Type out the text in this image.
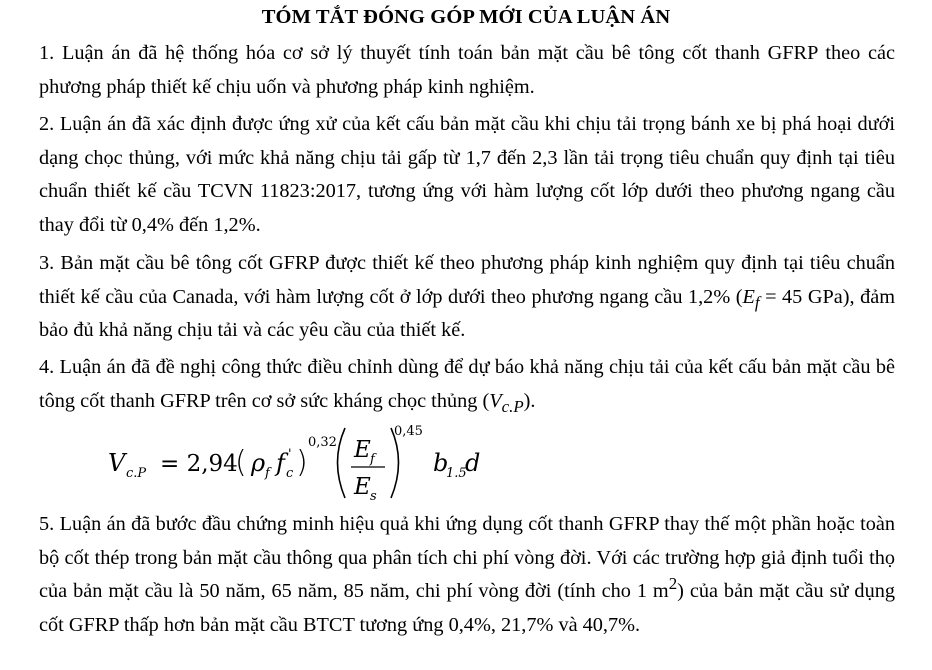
TÓM TẮT ĐÓNG GÓP MỚI CỦA LUẬN ÁN

1. Luận án đã hệ thống hóa cơ sở lý thuyết tính toán bản mặt cầu bê tông cốt thanh GFRP theo các phương pháp thiết kế chịu uốn và phương pháp kinh nghiệm.

2. Luận án đã xác định được ứng xử của kết cấu bản mặt cầu khi chịu tải trọng bánh xe bị phá hoại dưới dạng chọc thủng, với mức khả năng chịu tải gấp từ 1,7 đến 2,3 lần tải trọng tiêu chuẩn quy định tại tiêu chuẩn thiết kế cầu TCVN 11823:2017, tương ứng với hàm lượng cốt lớp dưới theo phương ngang cầu thay đổi từ 0,4% đến 1,2%.

3. Bản mặt cầu bê tông cốt GFRP được thiết kế theo phương pháp kinh nghiệm quy định tại tiêu chuẩn thiết kế cầu của Canada, với hàm lượng cốt ở lớp dưới theo phương ngang cầu 1,2% ($E_f = 45$ GPa), đảm bảo đủ khả năng chịu tải và các yêu cầu của thiết kế.

4. Luận án đã đề nghị công thức điều chỉnh dùng để dự báo khả năng chịu tải của kết cấu bản mặt cầu bê tông cốt thanh GFRP trên cơ sở sức kháng chọc thủng $(V_{c.P})$.

V c.P = 2,94
( ρ f f c
' )
0,32 E f
E s
0,45
b
1.5
d

5. Luận án đã bước đầu chứng minh hiệu quả khi ứng dụng cốt thanh GFRP thay thế một phần hoặc toàn bộ cốt thép trong bản mặt cầu thông qua phân tích chi phí vòng đời. Với các trường hợp giả định tuổi thọ của bản mặt cầu là 50 năm, 65 năm, 85 năm, chi phí vòng đời (tính cho 1 $m^2$) của bản mặt cầu sử dụng cốt GFRP thấp hơn bản mặt cầu BTCT tương ứng 0,4%, 21,7% và 40,7%.
